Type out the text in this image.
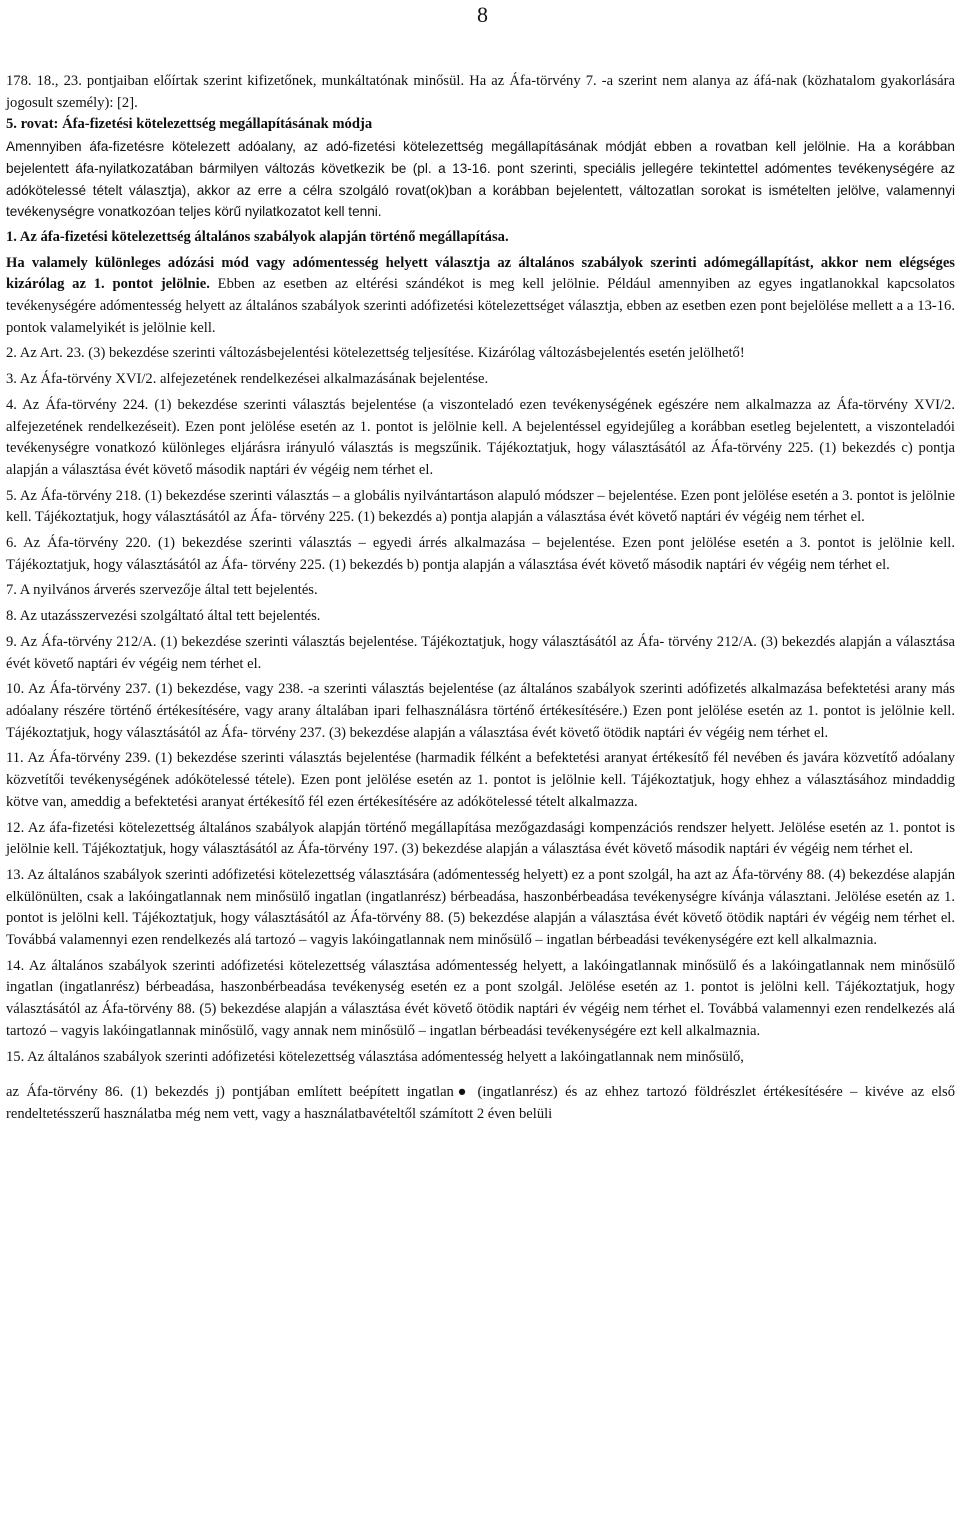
8

178. 18., 23. pontjaiban előírtak szerint kifizetőnek, munkáltatónak minősül. Ha az Áfa-törvény 7. -a szerint nem alanya az áfá-nak (közhatalom gyakorlására jogosult személy): [2].

5. rovat: Áfa-fizetési kötelezettség megállapításának módja

Amennyiben áfa-fizetésre kötelezett adóalany, az adó-fizetési kötelezettség megállapításának módját ebben a rovatban kell jelölnie. Ha a korábban bejelentett áfa-nyilatkozatában bármilyen változás következik be (pl. a 13-16. pont szerinti, speciális jellegére tekintettel adómentes tevékenységére az adókötelessé tételt választja), akkor az erre a célra szolgáló rovat(ok)ban a korábban bejelentett, változatlan sorokat is ismételten jelölve, valamennyi tevékenységre vonatkozóan teljes körű nyilatkozatot kell tenni.

1. Az áfa-fizetési kötelezettség általános szabályok alapján történő megállapítása.

Ha valamely különleges adózási mód vagy adómentesség helyett választja az általános szabályok szerinti adómegállapítást, akkor nem elégséges kizárólag az 1. pontot jelölnie. Ebben az esetben az eltérési szándékot is meg kell jelölnie. Például amennyiben az egyes ingatlanokkal kapcsolatos tevékenységére adómentesség helyett az általános szabályok szerinti adófizetési kötelezettséget választja, ebben az esetben ezen pont bejelölése mellett a a 13-16. pontok valamelyikét is jelölnie kell.

2. Az Art. 23. (3) bekezdése szerinti változásbejelentési kötelezettség teljesítése. Kizárólag változásbejelentés esetén jelölhető!

3. Az Áfa-törvény XVI/2. alfejezetének rendelkezései alkalmazásának bejelentése.

4. Az Áfa-törvény 224. (1) bekezdése szerinti választás bejelentése (a viszonteladó ezen tevékenységének egészére nem alkalmazza az Áfa-törvény XVI/2. alfejezetének rendelkezéseit). Ezen pont jelölése esetén az 1. pontot is jelölnie kell. A bejelentéssel egyidejűleg a korábban esetleg bejelentett, a viszonteladói tevékenységre vonatkozó különleges eljárásra irányuló választás is megszűnik. Tájékoztatjuk, hogy választásától az Áfa-törvény 225. (1) bekezdés c) pontja alapján a választása évét követő második naptári év végéig nem térhet el.

5. Az Áfa-törvény 218. (1) bekezdése szerinti választás – a globális nyilvántartáson alapuló módszer – bejelentése. Ezen pont jelölése esetén a 3. pontot is jelölnie kell. Tájékoztatjuk, hogy választásától az Áfa- törvény 225. (1) bekezdés a) pontja alapján a választása évét követő naptári év végéig nem térhet el.

6. Az Áfa-törvény 220. (1) bekezdése szerinti választás – egyedi árrés alkalmazása – bejelentése. Ezen pont jelölése esetén a 3. pontot is jelölnie kell. Tájékoztatjuk, hogy választásától az Áfa- törvény 225. (1) bekezdés b) pontja alapján a választása évét követő második naptári év végéig nem térhet el.

7. A nyilvános árverés szervezője által tett bejelentés.

8. Az utazásszervezési szolgáltató által tett bejelentés.

9. Az Áfa-törvény 212/A. (1) bekezdése szerinti választás bejelentése. Tájékoztatjuk, hogy választásától az Áfa- törvény 212/A. (3) bekezdés alapján a választása évét követő naptári év végéig nem térhet el.

10. Az Áfa-törvény 237. (1) bekezdése, vagy 238. -a szerinti választás bejelentése (az általános szabályok szerinti adófizetés alkalmazása befektetési arany más adóalany részére történő értékesítésére, vagy arany általában ipari felhasználásra történő értékesítésére.) Ezen pont jelölése esetén az 1. pontot is jelölnie kell. Tájékoztatjuk, hogy választásától az Áfa- törvény 237. (3) bekezdése alapján a választása évét követő ötödik naptári év végéig nem térhet el.

11. Az Áfa-törvény 239. (1) bekezdése szerinti választás bejelentése (harmadik félként a befektetési aranyat értékesítő fél nevében és javára közvetítő adóalany közvetítői tevékenységének adókötelessé tétele). Ezen pont jelölése esetén az 1. pontot is jelölnie kell. Tájékoztatjuk, hogy ehhez a választásához mindaddig kötve van, ameddig a befektetési aranyat értékesítő fél ezen értékesítésére az adókötelessé tételt alkalmazza.

12. Az áfa-fizetési kötelezettség általános szabályok alapján történő megállapítása mezőgazdasági kompenzációs rendszer helyett. Jelölése esetén az 1. pontot is jelölnie kell. Tájékoztatjuk, hogy választásától az Áfa-törvény 197. (3) bekezdése alapján a választása évét követő második naptári év végéig nem térhet el.

13. Az általános szabályok szerinti adófizetési kötelezettség választására (adómentesség helyett) ez a pont szolgál, ha azt az Áfa-törvény 88. (4) bekezdése alapján elkülönülten, csak a lakóingatlannak nem minősülő ingatlan (ingatlanrész) bérbeadása, haszonbérbeadása tevékenységre kívánja választani. Jelölése esetén az 1. pontot is jelölni kell. Tájékoztatjuk, hogy választásától az Áfa-törvény 88. (5) bekezdése alapján a választása évét követő ötödik naptári év végéig nem térhet el. Továbbá valamennyi ezen rendelkezés alá tartozó – vagyis lakóingatlannak nem minősülő – ingatlan bérbeadási tevékenységére ezt kell alkalmaznia.

14. Az általános szabályok szerinti adófizetési kötelezettség választása adómentesség helyett, a lakóingatlannak minősülő és a lakóingatlannak nem minősülő ingatlan (ingatlanrész) bérbeadása, haszonbérbeadása tevékenység esetén ez a pont szolgál. Jelölése esetén az 1. pontot is jelölni kell. Tájékoztatjuk, hogy választásától az Áfa-törvény 88. (5) bekezdése alapján a választása évét követő ötödik naptári év végéig nem térhet el. Továbbá valamennyi ezen rendelkezés alá tartozó – vagyis lakóingatlannak minősülő, vagy annak nem minősülő – ingatlan bérbeadási tevékenységére ezt kell alkalmaznia.

15. Az általános szabályok szerinti adófizetési kötelezettség választása adómentesség helyett a lakóingatlannak nem minősülő,

az Áfa-törvény 86. (1) bekezdés j) pontjában említett beépített ingatlan● (ingatlanrész) és az ehhez tartozó földrészlet értékesítésére – kivéve az első rendeltetésszerű használatba még nem vett, vagy a használatbavételtől számított 2 éven belüli
